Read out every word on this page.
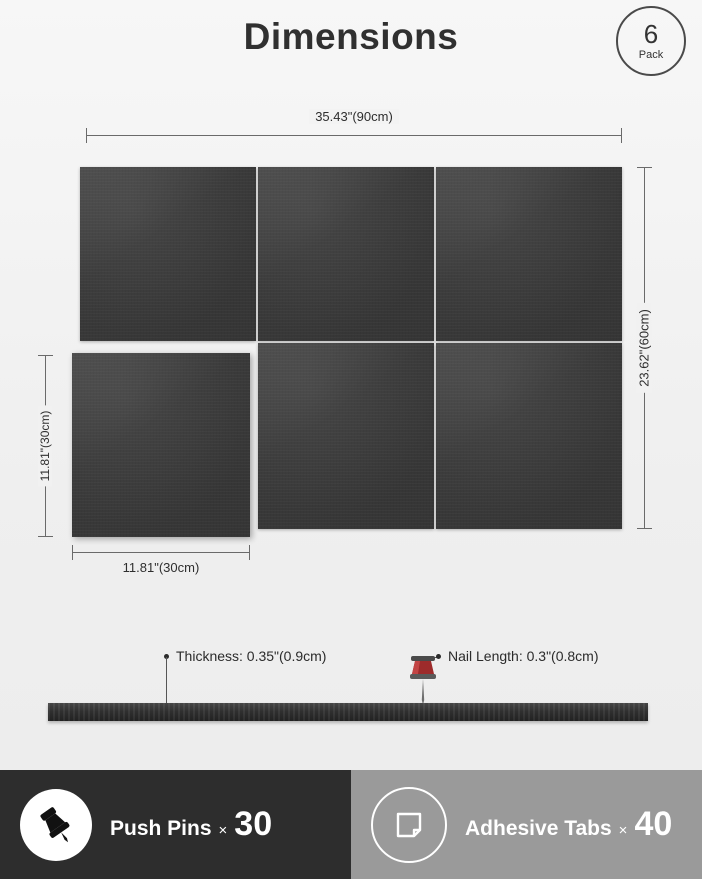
Dimensions	6
Pack
35.43"(90cm)
23.62"(60cm)
11.81"(30cm)
11.81"(30cm)
Thickness: 0.35"(0.9cm)	Nail Length: 0.3"(0.8cm)
Push Pins × 30	Adhesive Tabs × 40
